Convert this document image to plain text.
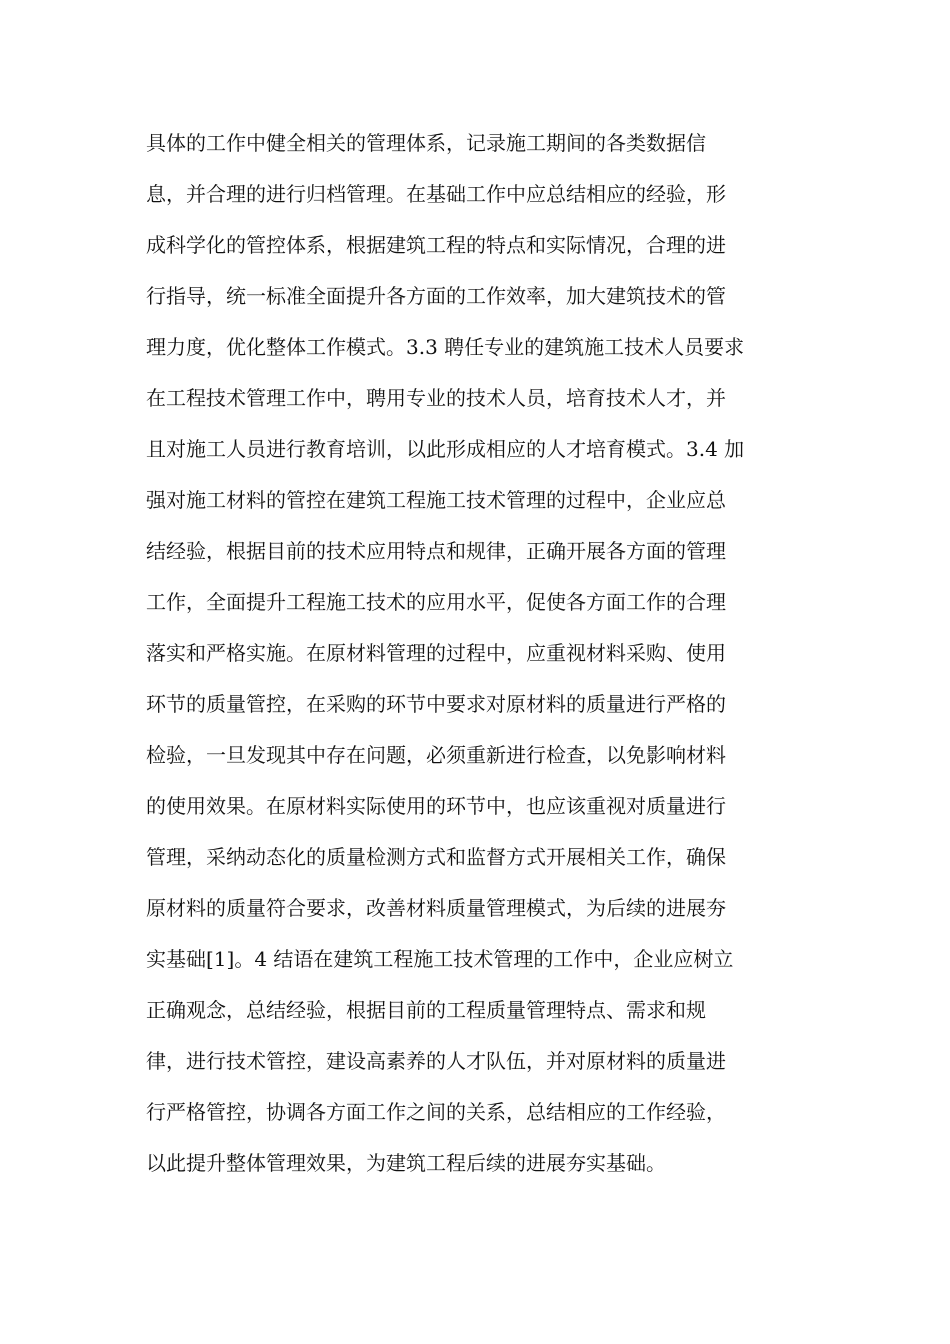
具体的工作中健全相关的管理体系，记录施工期间的各类数据信
息，并合理的进行归档管理。在基础工作中应总结相应的经验，形
成科学化的管控体系，根据建筑工程的特点和实际情况，合理的进
行指导，统一标准全面提升各方面的工作效率，加大建筑技术的管
理力度，优化整体工作模式。3.3 聘任专业的建筑施工技术人员要求
在工程技术管理工作中，聘用专业的技术人员，培育技术人才，并
且对施工人员进行教育培训，以此形成相应的人才培育模式。3.4 加
强对施工材料的管控在建筑工程施工技术管理的过程中，企业应总
结经验，根据目前的技术应用特点和规律，正确开展各方面的管理
工作，全面提升工程施工技术的应用水平，促使各方面工作的合理
落实和严格实施。在原材料管理的过程中，应重视材料采购、使用
环节的质量管控，在采购的环节中要求对原材料的质量进行严格的
检验，一旦发现其中存在问题，必须重新进行检查，以免影响材料
的使用效果。在原材料实际使用的环节中，也应该重视对质量进行
管理，采纳动态化的质量检测方式和监督方式开展相关工作，确保
原材料的质量符合要求，改善材料质量管理模式，为后续的进展夯
实基础[1]。4 结语在建筑工程施工技术管理的工作中，企业应树立
正确观念，总结经验，根据目前的工程质量管理特点、需求和规
律，进行技术管控，建设高素养的人才队伍，并对原材料的质量进
行严格管控，协调各方面工作之间的关系，总结相应的工作经验，
以此提升整体管理效果，为建筑工程后续的进展夯实基础。
